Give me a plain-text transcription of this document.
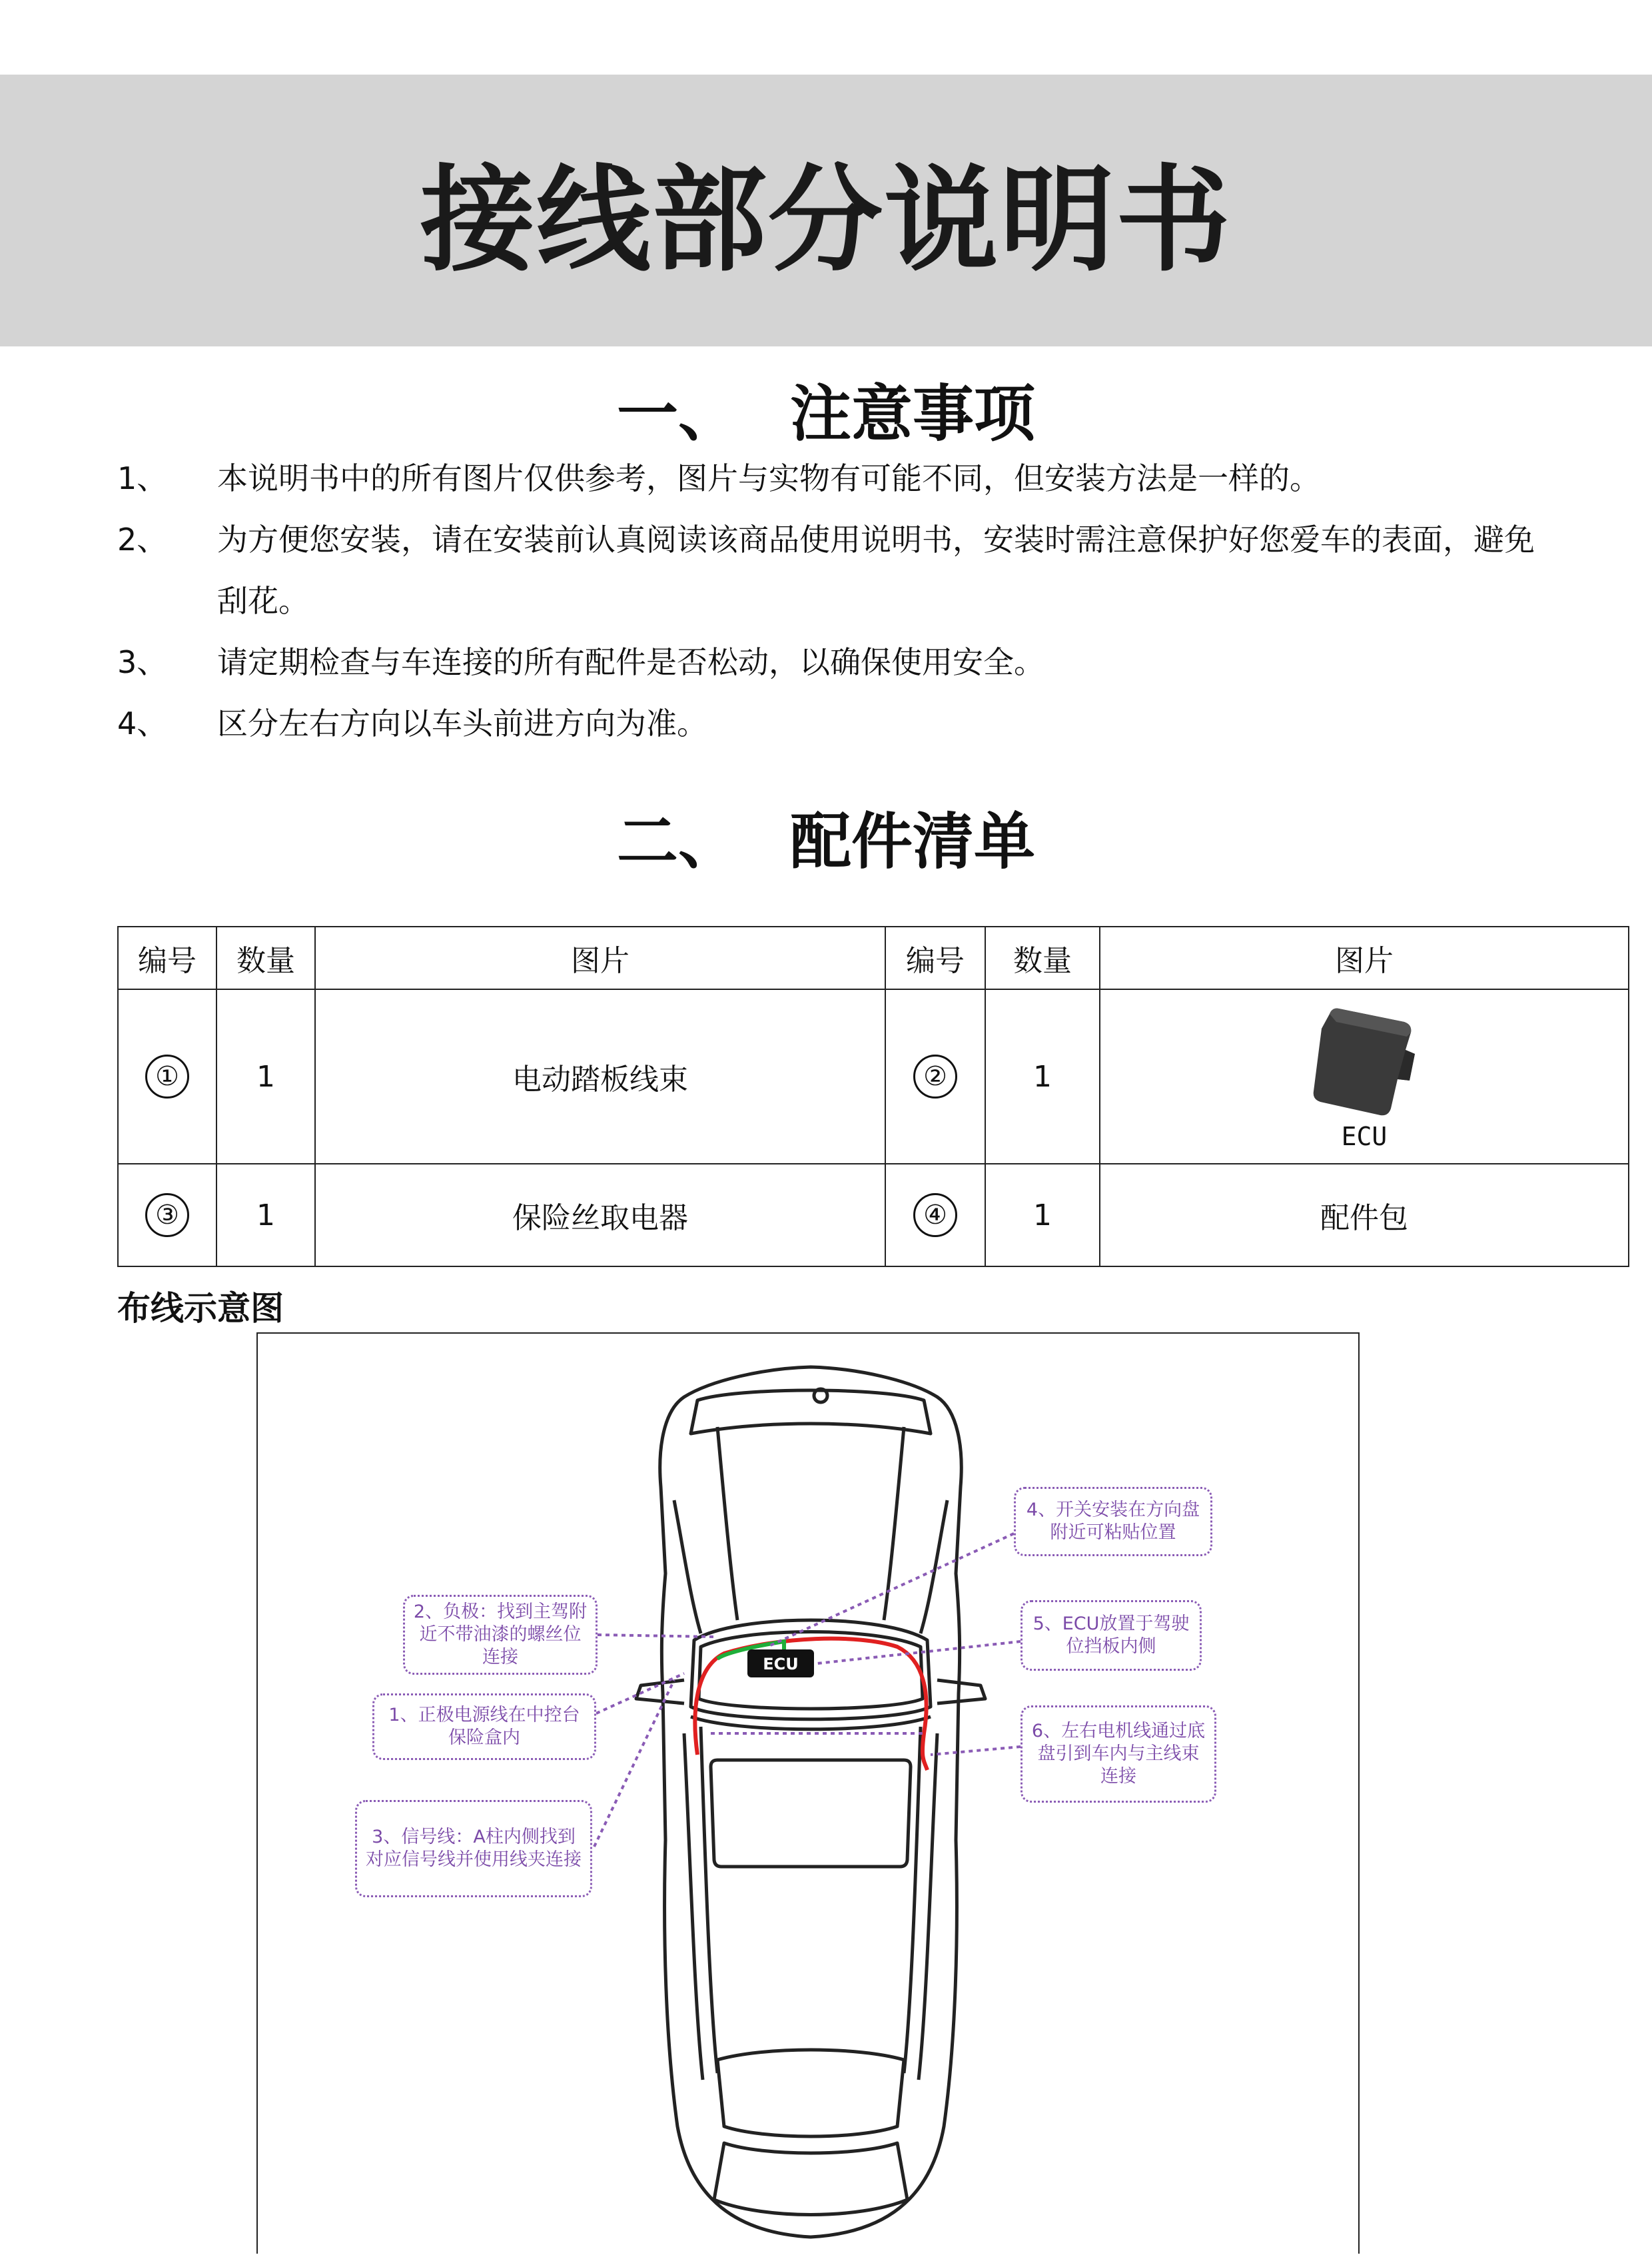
接线部分说明书
一、 注意事项
1、	本说明书中的所有图片仅供参考，图片与实物有可能不同，但安装方法是一样的。
2、	为方便您安装，请在安装前认真阅读该商品使用说明书，安装时需注意保护好您爱车的表面，避免刮花。
3、	请定期检查与车连接的所有配件是否松动，以确保使用安全。
4、	区分左右方向以车头前进方向为准。
二、 配件清单
编号	数量	图片	编号	数量	图片
①	1	电动踏板线束	②	1	ECU

③	1	保险丝取电器	④	1	配件包
布线示意图
ECU
2、负极：找到主驾附近不带油漆的螺丝位连接
1、正极电源线在中控台保险盒内
3、信号线：A柱内侧找到对应信号线并使用线夹连接
4、开关安装在方向盘附近可粘贴位置
5、ECU放置于驾驶位挡板内侧
6、左右电机线通过底盘引到车内与主线束连接
